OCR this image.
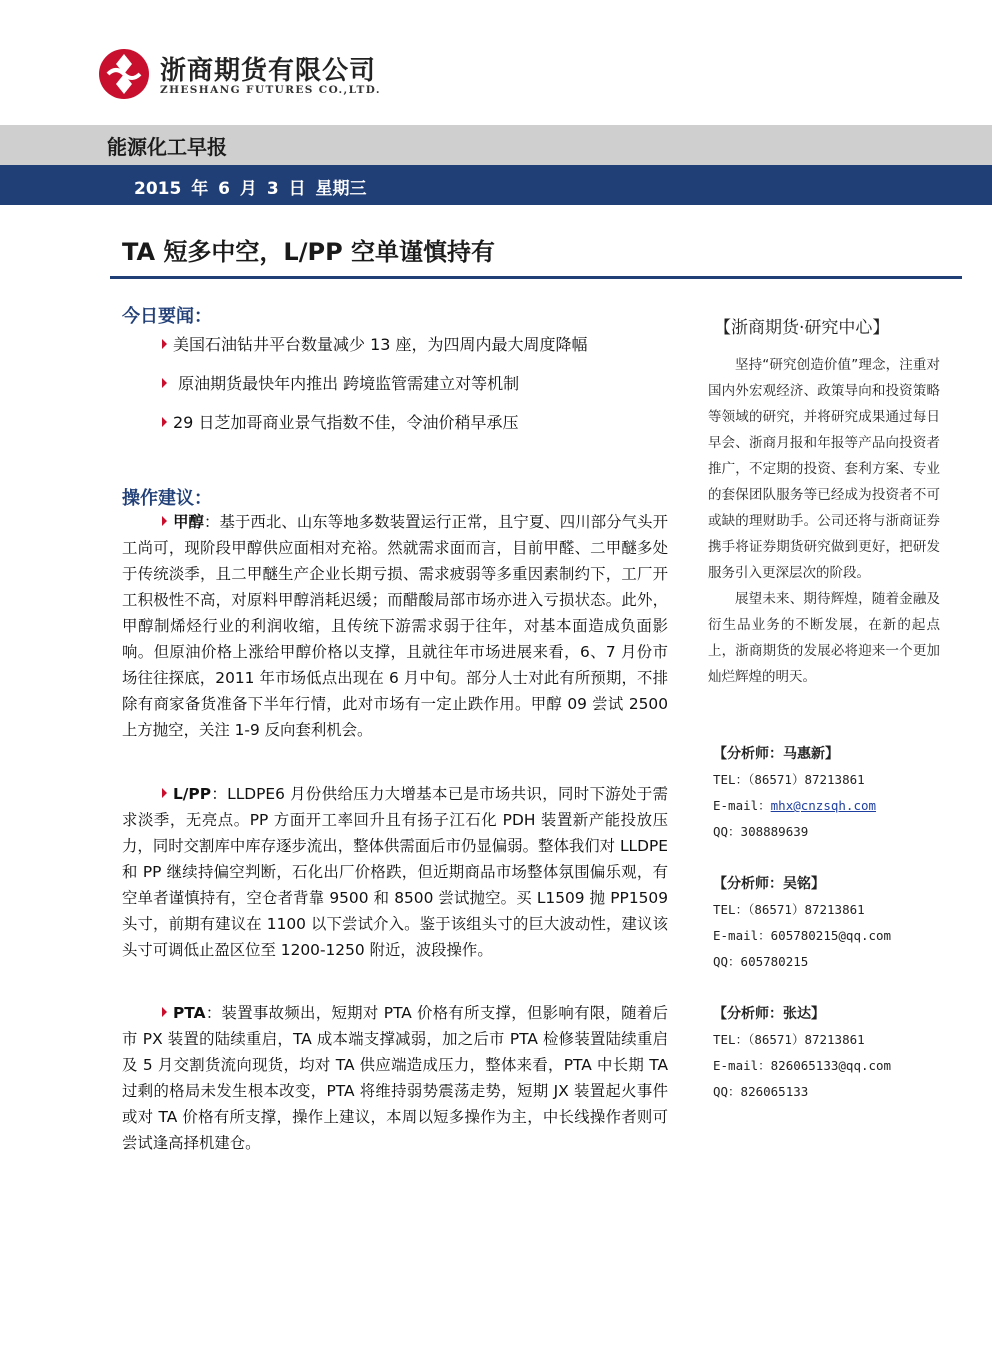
浙商期货有限公司
ZHESHANG FUTURES CO.,LTD.
能源化工早报
2015 年 6 月 3 日 星期三
TA 短多中空，L/PP 空单谨慎持有
今日要闻：
美国石油钻井平台数量减少 13 座，为四周内最大周度降幅
原油期货最快年内推出 跨境监管需建立对等机制
29 日芝加哥商业景气指数不佳，令油价稍早承压
操作建议：

甲醇：基于西北、山东等地多数装置运行正常，且宁夏、四川部分气头开工尚可，现阶段甲醇供应面相对充裕。然就需求面而言，目前甲醛、二甲醚多处于传统淡季，且二甲醚生产企业长期亏损、需求疲弱等多重因素制约下，工厂开工积极性不高，对原料甲醇消耗迟缓；而醋酸局部市场亦进入亏损状态。此外，甲醇制烯烃行业的利润收缩，且传统下游需求弱于往年，对基本面造成负面影响。但原油价格上涨给甲醇价格以支撑，且就往年市场进展来看，6、7 月份市场往往探底，2011 年市场低点出现在 6 月中旬。部分人士对此有所预期，不排除有商家备货准备下半年行情，此对市场有一定止跌作用。甲醇 09 尝试 2500 上方抛空，关注 1-9 反向套利机会。

L/PP：LLDPE6 月份供给压力大增基本已是市场共识，同时下游处于需求淡季，无亮点。PP 方面开工率回升且有扬子江石化 PDH 装置新产能投放压力，同时交割库中库存逐步流出，整体供需面后市仍显偏弱。整体我们对 LLDPE 和 PP 继续持偏空判断，石化出厂价格跌，但近期商品市场整体氛围偏乐观，有空单者谨慎持有，空仓者背靠 9500 和 8500 尝试抛空。买 L1509 抛 PP1509 头寸，前期有建议在 1100 以下尝试介入。鉴于该组头寸的巨大波动性，建议该头寸可调低止盈区位至 1200-1250 附近，波段操作。

PTA：装置事故频出，短期对 PTA 价格有所支撑，但影响有限，随着后市 PX 装置的陆续重启，TA 成本端支撑减弱，加之后市 PTA 检修装置陆续重启及 5 月交割货流向现货，均对 TA 供应端造成压力，整体来看，PTA 中长期 TA 过剩的格局未发生根本改变，PTA 将维持弱势震荡走势，短期 JX 装置起火事件或对 TA 价格有所支撑，操作上建议，本周以短多操作为主，中长线操作者则可尝试逢高择机建仓。

【浙商期货·研究中心】

坚持“研究创造价值”理念，注重对国内外宏观经济、政策导向和投资策略等领域的研究，并将研究成果通过每日早会、浙商月报和年报等产品向投资者推广，不定期的投资、套利方案、专业的套保团队服务等已经成为投资者不可或缺的理财助手。公司还将与浙商证券携手将证券期货研究做到更好，把研发服务引入更深层次的阶段。

展望未来、期待辉煌，随着金融及衍生品业务的不断发展，在新的起点上，浙商期货的发展必将迎来一个更加灿烂辉煌的明天。

【分析师：马惠新】
TEL：（86571）87213861
E-mail：mhx@cnzsqh.com
QQ：308889639
【分析师：吴铭】
TEL：（86571）87213861
E-mail：605780215@qq.com
QQ：605780215
【分析师：张达】
TEL：（86571）87213861
E-mail：826065133@qq.com
QQ：826065133
